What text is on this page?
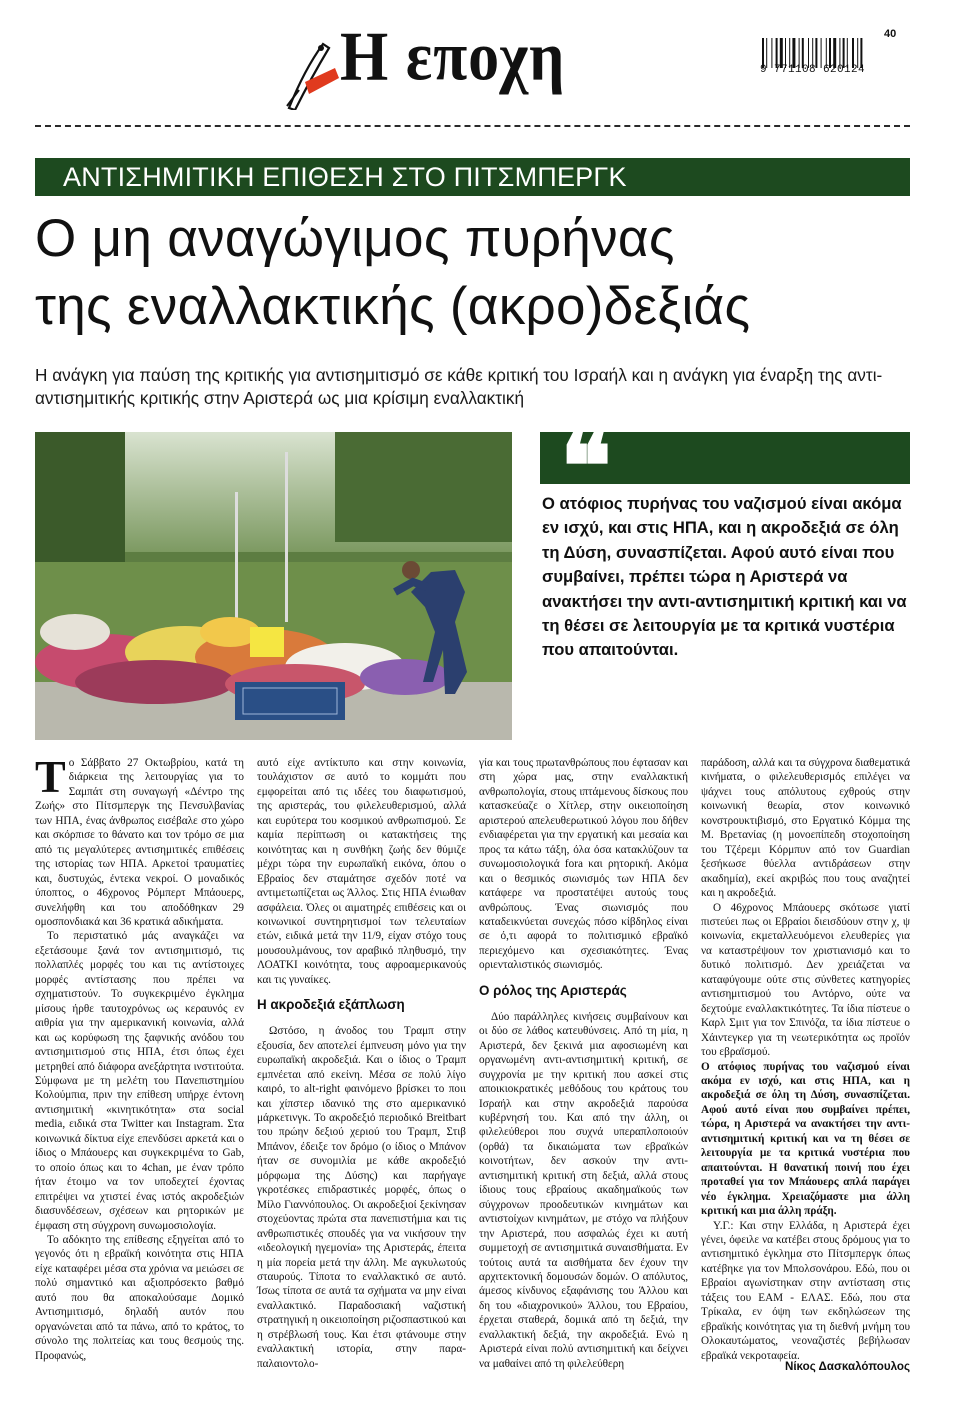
Η εποχη	40
9 771108 620124
ΑΝΤΙΣΗΜΙΤΙΚΗ ΕΠΙΘΕΣΗ ΣΤΟ ΠΙΤΣΜΠΕΡΓΚ
Ο μη αναγώγιμος πυρήνας
της εναλλακτικής (ακρο)δεξιάς

Η ανάγκη για παύση της κριτικής για αντισημιτισμό σε κάθε κριτική του Ισραήλ και η ανάγκη για έναρξη της αντι-αντισημιτικής κριτικής στην Αριστερά ως μια κρίσιμη εναλλακτική

❝

Ο ατόφιος πυρήνας του ναζισμού είναι ακόμα εν ισχύ, και στις ΗΠΑ, και η ακροδεξιά σε όλη τη Δύση, συνασπίζεται. Αφού αυτό είναι που συμβαίνει, πρέπει τώρα η Αριστερά να ανακτήσει την αντι-αντισημιτική κριτική και να τη θέσει σε λειτουργία με τα κριτικά νυστέρια που απαιτούνται.

Το Σάββατο 27 Οκτωβρίου, κατά τη διάρκεια της λειτουργίας για το Σαμπάτ στη συναγωγή «Δέντρο της Ζωής» στο Πίτσμπεργκ της Πενσυλβανίας των ΗΠΑ, ένας άνθρωπος εισέβαλε στο χώρο και σκόρπισε το θάνατο και τον τρόμο σε μια από τις μεγαλύτερες αντισημιτικές επιθέσεις της ιστορίας των ΗΠΑ. Αρκετοί τραυματίες και, δυστυχώς, έντεκα νεκροί. Ο μοναδικός ύποπτος, ο 46χρονος Ρόμπερτ Μπάουερς, συνελήφθη και του αποδόθηκαν 29 ομοσπονδιακά και 36 κρατικά αδικήματα.

Το περιστατικό μάς αναγκάζει να εξετάσουμε ξανά τον αντισημιτισμό, τις πολλαπλές μορφές του και τις αντίστοιχες μορφές αντίστασης που πρέπει να σχηματιστούν. Το συγκεκριμένο έγκλημα μίσους ήρθε ταυτοχρόνως ως κεραυνός εν αιθρία για την αμερικανική κοινωνία, αλλά και ως κορύφωση της ξαφνικής ανόδου του αντισημιτισμού στις ΗΠΑ, έτσι όπως έχει μετρηθεί από διάφορα ανεξάρτητα ινστιτούτα. Σύμφωνα με τη μελέτη του Πανεπιστημίου Κολούμπια, πριν την επίθεση υπήρχε έντονη αντισημιτική «κινητικότητα» στα social media, ειδικά στα Twitter και Instagram. Στα κοινωνικά δίκτυα είχε επενδύσει αρκετά και ο ίδιος ο Μπάουερς και συγκεκριμένα το Gab, το οποίο όπως και το 4chan, με έναν τρόπο ήταν έτοιμο να τον υποδεχτεί έχοντας επιτρέψει να χτιστεί ένας ιστός ακροδεξιών διασυνδέσεων, σχέσεων και ρητορικών με έμφαση στη σύγχρονη συνωμοσιολογία.

Το αδόκητο της επίθεσης εξηγείται από το γεγονός ότι η εβραϊκή κοινότητα στις ΗΠΑ είχε καταφέρει μέσα στα χρόνια να μειώσει σε πολύ σημαντικό και αξιοπρόσεκτο βαθμό αυτό που θα αποκαλούσαμε Δομικό Αντισημιτισμό, δηλαδή αυτόν που οργανώνεται από τα πάνω, από το κράτος, το σύνολο της πολιτείας και τους θεσμούς της. Προφανώς,

αυτό είχε αντίκτυπο και στην κοινωνία, τουλάχιστον σε αυτό το κομμάτι που εμφορείται από τις ιδέες του διαφωτισμού, της αριστεράς, του φιλελευθερισμού, αλλά και ευρύτερα του κοσμικού ανθρωπισμού. Σε καμία περίπτωση οι κατακτήσεις της κοινότητας και η συνθήκη ζωής δεν θύμιζε μέχρι τώρα την ευρωπαϊκή εικόνα, όπου ο Εβραίος δεν σταμάτησε σχεδόν ποτέ να αντιμετωπίζεται ως Άλλος. Στις ΗΠΑ ένιωθαν ασφάλεια. Όλες οι αιματηρές επιθέσεις και οι κοινωνικοί συντηρητισμοί των τελευταίων ετών, ειδικά μετά την 11/9, είχαν στόχο τους μουσουλμάνους, τον αραβικό πληθυσμό, την ΛΟΑΤΚΙ κοινότητα, τους αφροαμερικανούς και τις γυναίκες.

Η ακροδεξιά εξάπλωση

Ωστόσο, η άνοδος του Τραμπ στην εξουσία, δεν αποτελεί έμπνευση μόνο για την ευρωπαϊκή ακροδεξιά. Και ο ίδιος ο Τραμπ εμπνέεται από εκείνη. Μέσα σε πολύ λίγο καιρό, το alt-right φαινόμενο βρίσκει το ποιι και χίπστερ ιδανικό της στο αμερικανικό μάρκετινγκ. Το ακροδεξιό περιοδικό Breitbart του πρώην δεξιού χεριού του Τραμπ, Στιβ Μπάνον, έδειξε τον δρόμο (ο ίδιος ο Μπάνον ήταν σε συνομιλία με κάθε ακροδεξιό μόρφωμα της Δύσης) και παρήγαγε γκροτέσκες επιδραστικές μορφές, όπως ο Μίλο Γιαννόπουλος. Οι ακροδεξιοί ξεκίνησαν στοχεύοντας πρώτα στα πανεπιστήμια και τις ανθρωπιστικές σπουδές για να νικήσουν την «ιδεολογική ηγεμονία» της Αριστεράς, έπειτα η μία πορεία μετά την άλλη. Με αγκυλωτούς σταυρούς. Τίποτα το εναλλακτικό σε αυτό. Ίσως τίποτα σε αυτά τα σχήματα να μην είναι εναλλακτικό. Παραδοσιακή ναζιστική στρατηγική η οικειοποίηση ριζοσπαστικού και η στρέβλωσή τους. Και έτσι φτάνουμε στην εναλλακτική ιστορία, στην παρα-παλαιοντολο-

γία και τους πρωτανθρώπους που έφτασαν και στη χώρα μας, στην εναλλακτική ανθρωπολογία, στους ιπτάμενους δίσκους που κατασκεύαζε ο Χίτλερ, στην οικειοποίηση αριστερού απελευθερωτικού λόγου που δήθεν ενδιαφέρεται για την εργατική και μεσαία και προς τα κάτω τάξη, όλα όσα κατακλύζουν τα συνωμοσιολογικά fora και ρητορική. Ακόμα και ο θεσμικός σιωνισμός των ΗΠΑ δεν κατάφερε να προστατέψει αυτούς τους ανθρώπους. Ένας σιωνισμός που καταδεικνύεται συνεχώς πόσο κίβδηλος είναι σε ό,τι αφορά το πολιτισμικό εβραϊκό περιεχόμενο και σχεσιακότητες. Ένας οριενταλιστικός σιωνισμός.

Ο ρόλος της Αριστεράς

Δύο παράλληλες κινήσεις συμβαίνουν και οι δύο σε λάθος κατευθύνσεις. Από τη μία, η Αριστερά, δεν ξεκινά μια αφοσιωμένη και οργανωμένη αντι-αντισημιτική κριτική, σε συγχρονία με την κριτική που ασκεί στις αποικιοκρατικές μεθόδους του κράτους του Ισραήλ και στην ακροδεξιά παρούσα κυβέρνησή του. Και από την άλλη, οι φιλελεύθεροι που συχνά υπεραπλοποιούν (ορθά) τα δικαιώματα των εβραϊκών κοινοτήτων, δεν ασκούν την αντι-αντισημιτική κριτική στη δεξιά, αλλά στους ίδιους τους εβραίους ακαδημαϊκούς των σύγχρονων προοδευτικών κινημάτων και αντιστοίχων κινημάτων, με στόχο να πλήξουν την Αριστερά, που ασφαλώς έχει κι αυτή συμμετοχή σε αντισημιτικά συναισθήματα. Εν τούτοις αυτά τα αισθήματα δεν έχουν την αρχιτεκτονική δομουσών δομών. Ο απόλυτος, άμεσος κίνδυνος εξαφάνισης του Άλλου και δη του «διαχρονικού» Άλλου, του Εβραίου, έρχεται σταθερά, δομικά από τη δεξιά, την εναλλακτική δεξιά, την ακροδεξιά. Ενώ η Αριστερά είναι πολύ αντισημιτική και δείχνει να μαθαίνει από τη φιλελεύθερη

παράδοση, αλλά και τα σύγχρονα διαθεματικά κινήματα, ο φιλελευθερισμός επιλέγει να ψάχνει τους απόλυτους εχθρούς στην κοινωνική θεωρία, στον κοινωνικό κονστρουκτιβισμό, στο Εργατικό Κόμμα της Μ. Βρετανίας (η μονοεπίπεδη στοχοποίηση του Τζέρεμι Κόρμπυν από τον Guardian ξεσήκωσε θύελλα αντιδράσεων στην ακαδημία), εκεί ακριβώς που τους αναζητεί και η ακροδεξιά.

Ο 46χρονος Μπάουερς σκότωσε γιατί πιστεύει πως οι Εβραίοι διεισδύουν στην χ, ψ κοινωνία, εκμεταλλευόμενοι ελευθερίες για να καταστρέψουν τον χριστιανισμό και το δυτικό πολιτισμό. Δεν χρειάζεται να καταφύγουμε ούτε στις σύνθετες κατηγορίες αντισημιτισμού του Αντόρνο, ούτε να δεχτούμε εναλλακτικότητες. Τα ίδια πίστευε ο Καρλ Σμιτ για τον Σπινόζα, τα ίδια πίστευε ο Χάιντεγκερ για τη νεωτερικότητα ως προϊόν του εβραϊσμού.

Ο ατόφιος πυρήνας του ναζισμού είναι ακόμα εν ισχύ, και στις ΗΠΑ, και η ακροδεξιά σε όλη τη Δύση, συνασπίζεται. Αφού αυτό είναι που συμβαίνει πρέπει, τώρα, η Αριστερά να ανακτήσει την αντι-αντισημιτική κριτική και να τη θέσει σε λειτουργία με τα κριτικά νυστέρια που απαιτούνται. Η θανατική ποινή που έχει προταθεί για τον Μπάουερς απλά παράγει νέο έγκλημα. Χρειαζόμαστε μια άλλη κριτική και μια άλλη πράξη.

Υ.Γ.: Και στην Ελλάδα, η Αριστερά έχει γένει, όφειλε να κατέβει στους δρόμους για το αντισημιτικό έγκλημα στο Πίτσμπεργκ όπως κατέβηκε για τον Μπολσονάρου. Εδώ, που οι Εβραίοι αγωνίστηκαν στην αντίσταση στις τάξεις του ΕΑΜ - ΕΛΑΣ. Εδώ, που στα Τρίκαλα, εν όψη των εκδηλώσεων της εβραϊκής κοινότητας για τη διεθνή μνήμη του Ολοκαυτώματος, νεοναζιστές βεβήλωσαν εβραϊκά νεκροταφεία.

Νίκος Δασκαλόπουλος
